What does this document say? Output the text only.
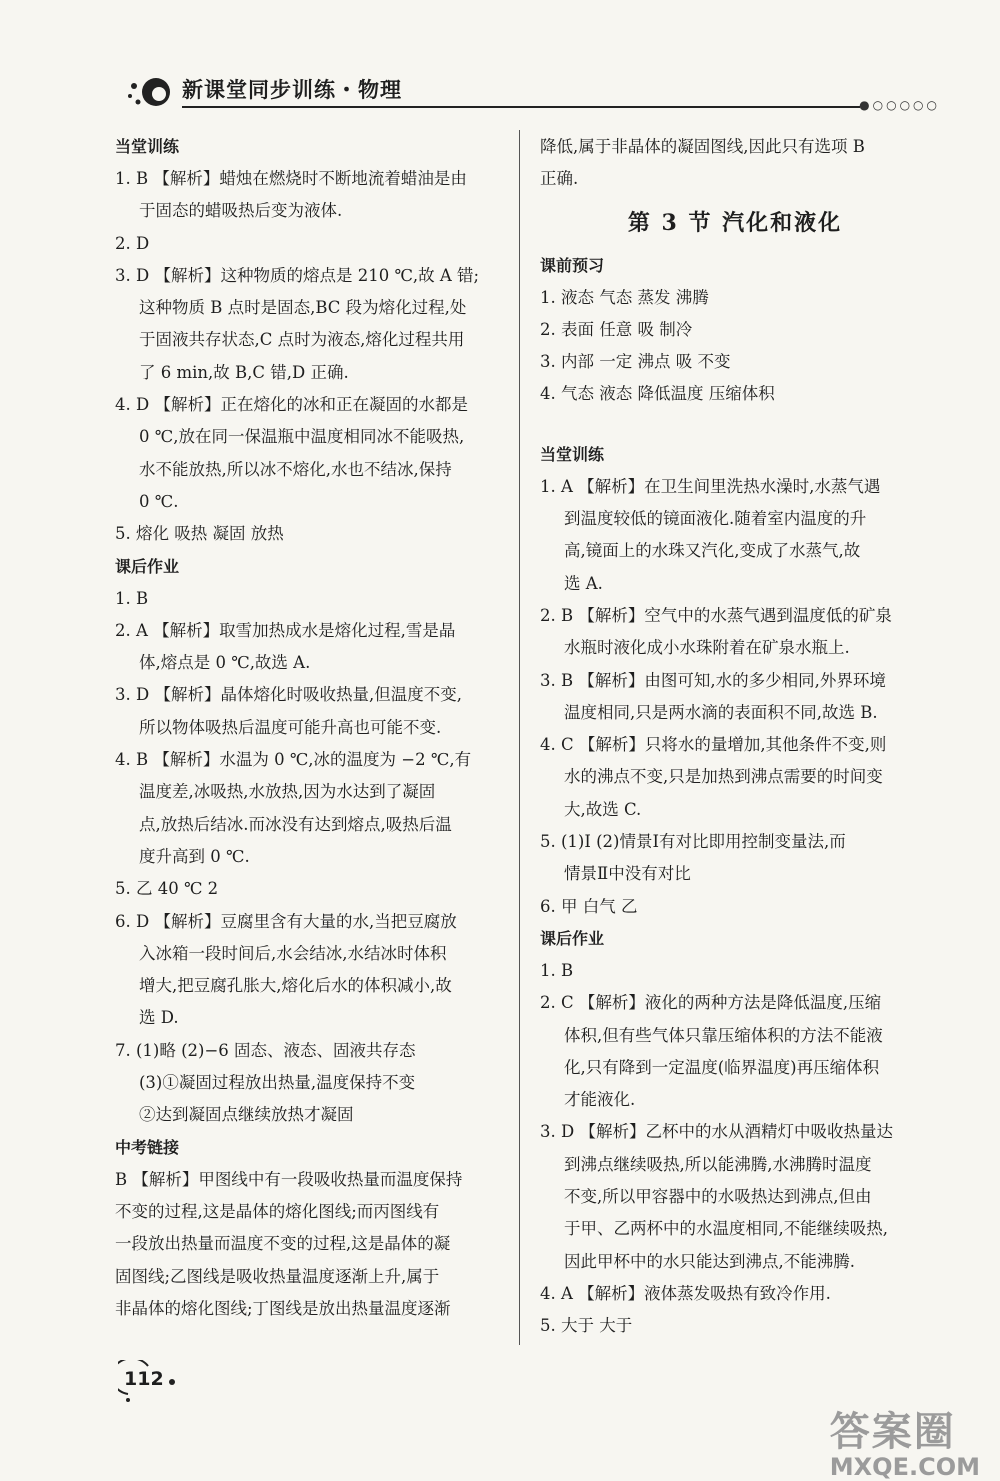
新课堂同步训练・物理
●○○○○○
当堂训练
1. B 【解析】蜡烛在燃烧时不断地流着蜡油是由
于固态的蜡吸热后变为液体.
2. D
3. D 【解析】这种物质的熔点是 210 ℃,故 A 错;
这种物质 B 点时是固态,BC 段为熔化过程,处
于固液共存状态,C 点时为液态,熔化过程共用
了 6 min,故 B,C 错,D 正确.
4. D 【解析】正在熔化的冰和正在凝固的水都是
0 ℃,放在同一保温瓶中温度相同冰不能吸热,
水不能放热,所以冰不熔化,水也不结冰,保持
0 ℃.
5. 熔化 吸热 凝固 放热
课后作业
1. B
2. A 【解析】取雪加热成水是熔化过程,雪是晶
体,熔点是 0 ℃,故选 A.
3. D 【解析】晶体熔化时吸收热量,但温度不变,
所以物体吸热后温度可能升高也可能不变.
4. B 【解析】水温为 0 ℃,冰的温度为 −2 ℃,有
温度差,冰吸热,水放热,因为水达到了凝固
点,放热后结冰.而冰没有达到熔点,吸热后温
度升高到 0 ℃.
5. 乙 40 ℃ 2
6. D 【解析】豆腐里含有大量的水,当把豆腐放
入冰箱一段时间后,水会结冰,水结冰时体积
增大,把豆腐孔胀大,熔化后水的体积减小,故
选 D.
7. (1)略 (2)−6 固态、液态、固液共存态
(3)①凝固过程放出热量,温度保持不变
②达到凝固点继续放热才凝固
中考链接
B 【解析】甲图线中有一段吸收热量而温度保持
不变的过程,这是晶体的熔化图线;而丙图线有
一段放出热量而温度不变的过程,这是晶体的凝
固图线;乙图线是吸收热量温度逐渐上升,属于
非晶体的熔化图线;丁图线是放出热量温度逐渐
降低,属于非晶体的凝固图线,因此只有选项 B
正确.
第 3 节 汽化和液化
课前预习
1. 液态 气态 蒸发 沸腾
2. 表面 任意 吸 制冷
3. 内部 一定 沸点 吸 不变
4. 气态 液态 降低温度 压缩体积
当堂训练
1. A 【解析】在卫生间里洗热水澡时,水蒸气遇
到温度较低的镜面液化.随着室内温度的升
高,镜面上的水珠又汽化,变成了水蒸气,故
选 A.
2. B 【解析】空气中的水蒸气遇到温度低的矿泉
水瓶时液化成小水珠附着在矿泉水瓶上.
3. B 【解析】由图可知,水的多少相同,外界环境
温度相同,只是两水滴的表面积不同,故选 B.
4. C 【解析】只将水的量增加,其他条件不变,则
水的沸点不变,只是加热到沸点需要的时间变
大,故选 C.
5. (1)Ⅰ (2)情景Ⅰ有对比即用控制变量法,而
情景Ⅱ中没有对比
6. 甲 白气 乙
课后作业
1. B
2. C 【解析】液化的两种方法是降低温度,压缩
体积,但有些气体只靠压缩体积的方法不能液
化,只有降到一定温度(临界温度)再压缩体积
才能液化.
3. D 【解析】乙杯中的水从酒精灯中吸收热量达
到沸点继续吸热,所以能沸腾,水沸腾时温度
不变,所以甲容器中的水吸热达到沸点,但由
于甲、乙两杯中的水温度相同,不能继续吸热,
因此甲杯中的水只能达到沸点,不能沸腾.
4. A 【解析】液体蒸发吸热有致冷作用.
5. 大于 大于
112
答案圈
MXQE.COM
